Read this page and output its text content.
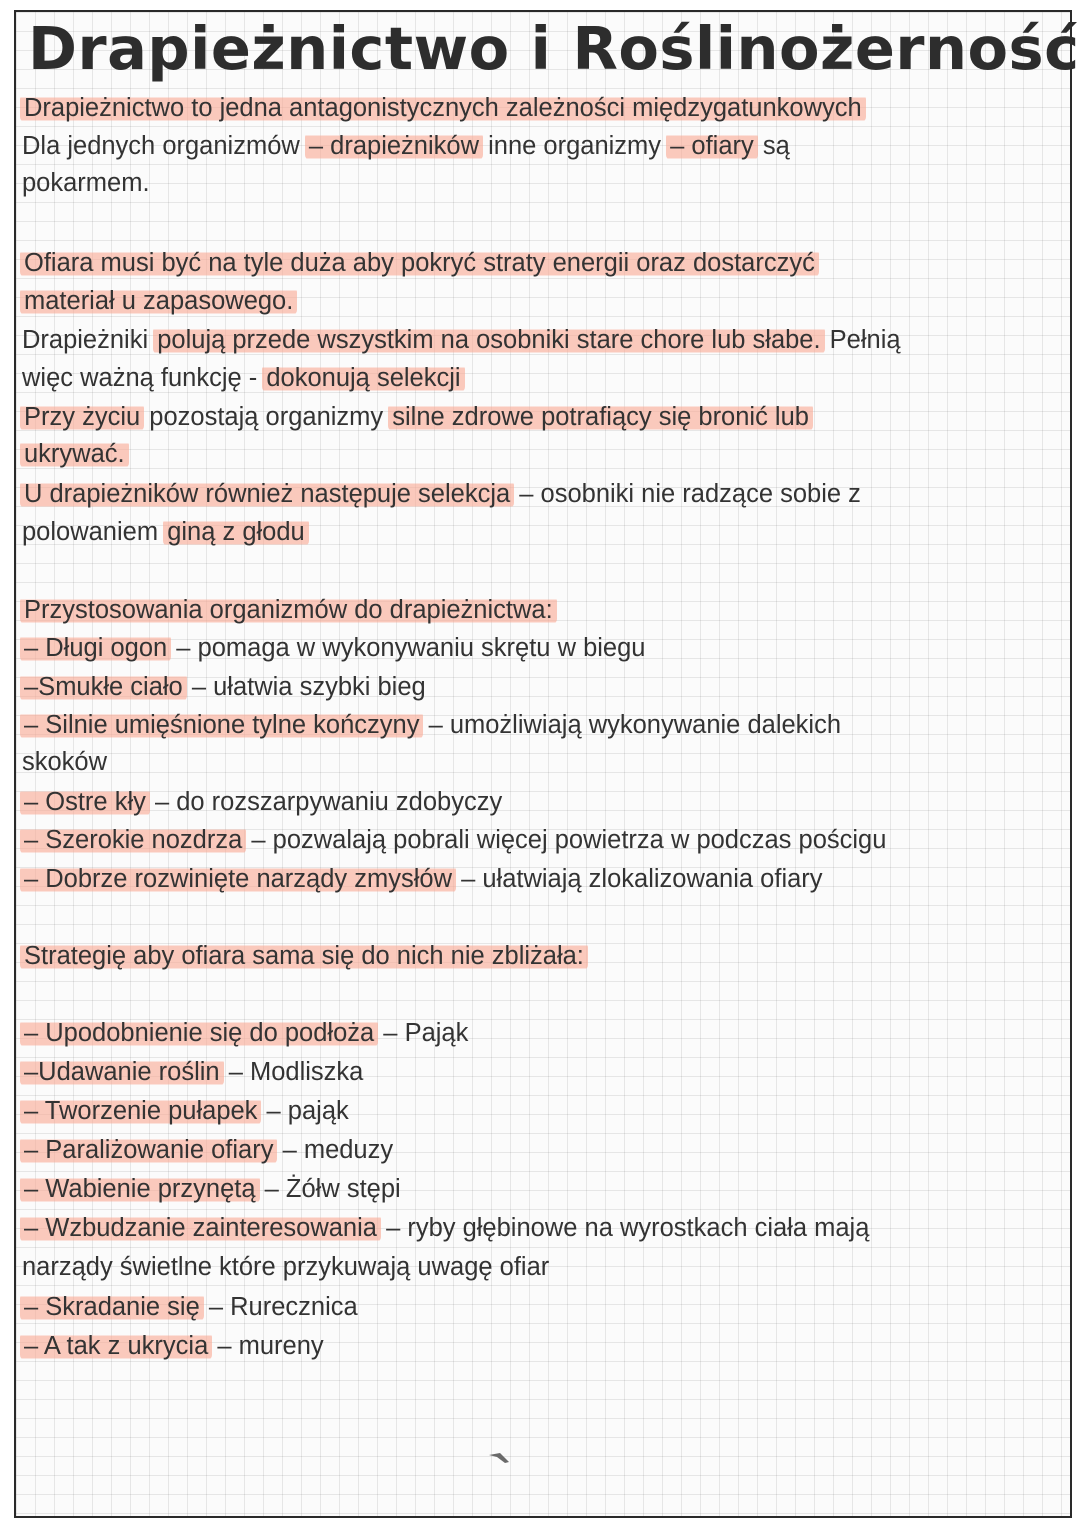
Drapieżnictwo i Roślinożerność
Drapieżnictwo to jedna antagonistycznych zależności międzygatunkowych
Dla jednych organizmów – drapieżników inne organizmy – ofiary są
pokarmem.
Ofiara musi być na tyle duża aby pokryć straty energii oraz dostarczyć
materiał u zapasowego.
Drapieżniki polują przede wszystkim na osobniki stare chore lub słabe. Pełnią
więc ważną funkcję - dokonują selekcji
Przy życiu pozostają organizmy silne zdrowe potrafiący się bronić lub
ukrywać.
U drapieżników również następuje selekcja – osobniki nie radzące sobie z
polowaniem giną z głodu
Przystosowania organizmów do drapieżnictwa:
– Długi ogon – pomaga w wykonywaniu skrętu w biegu
–Smukłe ciało – ułatwia szybki bieg
– Silnie umięśnione tylne kończyny – umożliwiają wykonywanie dalekich
skoków
– Ostre kły – do rozszarpywaniu zdobyczy
– Szerokie nozdrza – pozwalają pobrali więcej powietrza w podczas pościgu
– Dobrze rozwinięte narządy zmysłów – ułatwiają zlokalizowania ofiary
Strategię aby ofiara sama się do nich nie zbliżała:
– Upodobnienie się do podłoża – Pająk
–Udawanie roślin – Modliszka
– Tworzenie pułapek – pająk
– Paraliżowanie ofiary – meduzy
– Wabienie przynętą – Żółw stępi
– Wzbudzanie zainteresowania – ryby głębinowe na wyrostkach ciała mają
narządy świetlne które przykuwają uwagę ofiar
– Skradanie się – Rurecznica
– A tak z ukrycia – mureny
